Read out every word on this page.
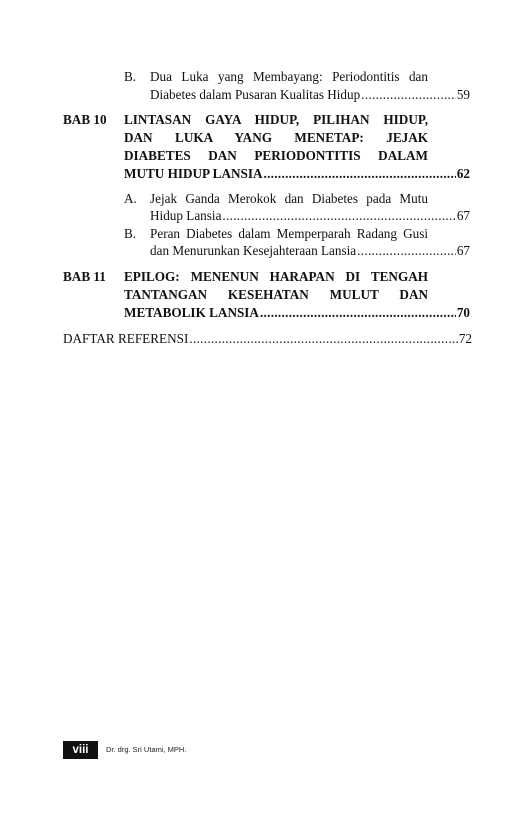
B. Dua Luka yang Membayang: Periodontitis dan
Diabetes dalam Pusaran Kualitas Hidup .....	59
BAB 10 LINTASAN GAYA HIDUP, PILIHAN HIDUP,
DAN LUKA YANG MENETAP: JEJAK
DIABETES DAN PERIODONTITIS DALAM
MUTU HIDUP LANSIA .....	62
A. Jejak Ganda Merokok dan Diabetes pada Mutu
Hidup Lansia .....	67
B. Peran Diabetes dalam Memperparah Radang Gusi
dan Menurunkan Kesejahteraan Lansia .....	67
BAB 11 EPILOG: MENENUN HARAPAN DI TENGAH
TANTANGAN KESEHATAN MULUT DAN
METABOLIK LANSIA .....	70
DAFTAR REFERENSI .....	72
viii	Dr. drg. Sri Utami, MPH.
